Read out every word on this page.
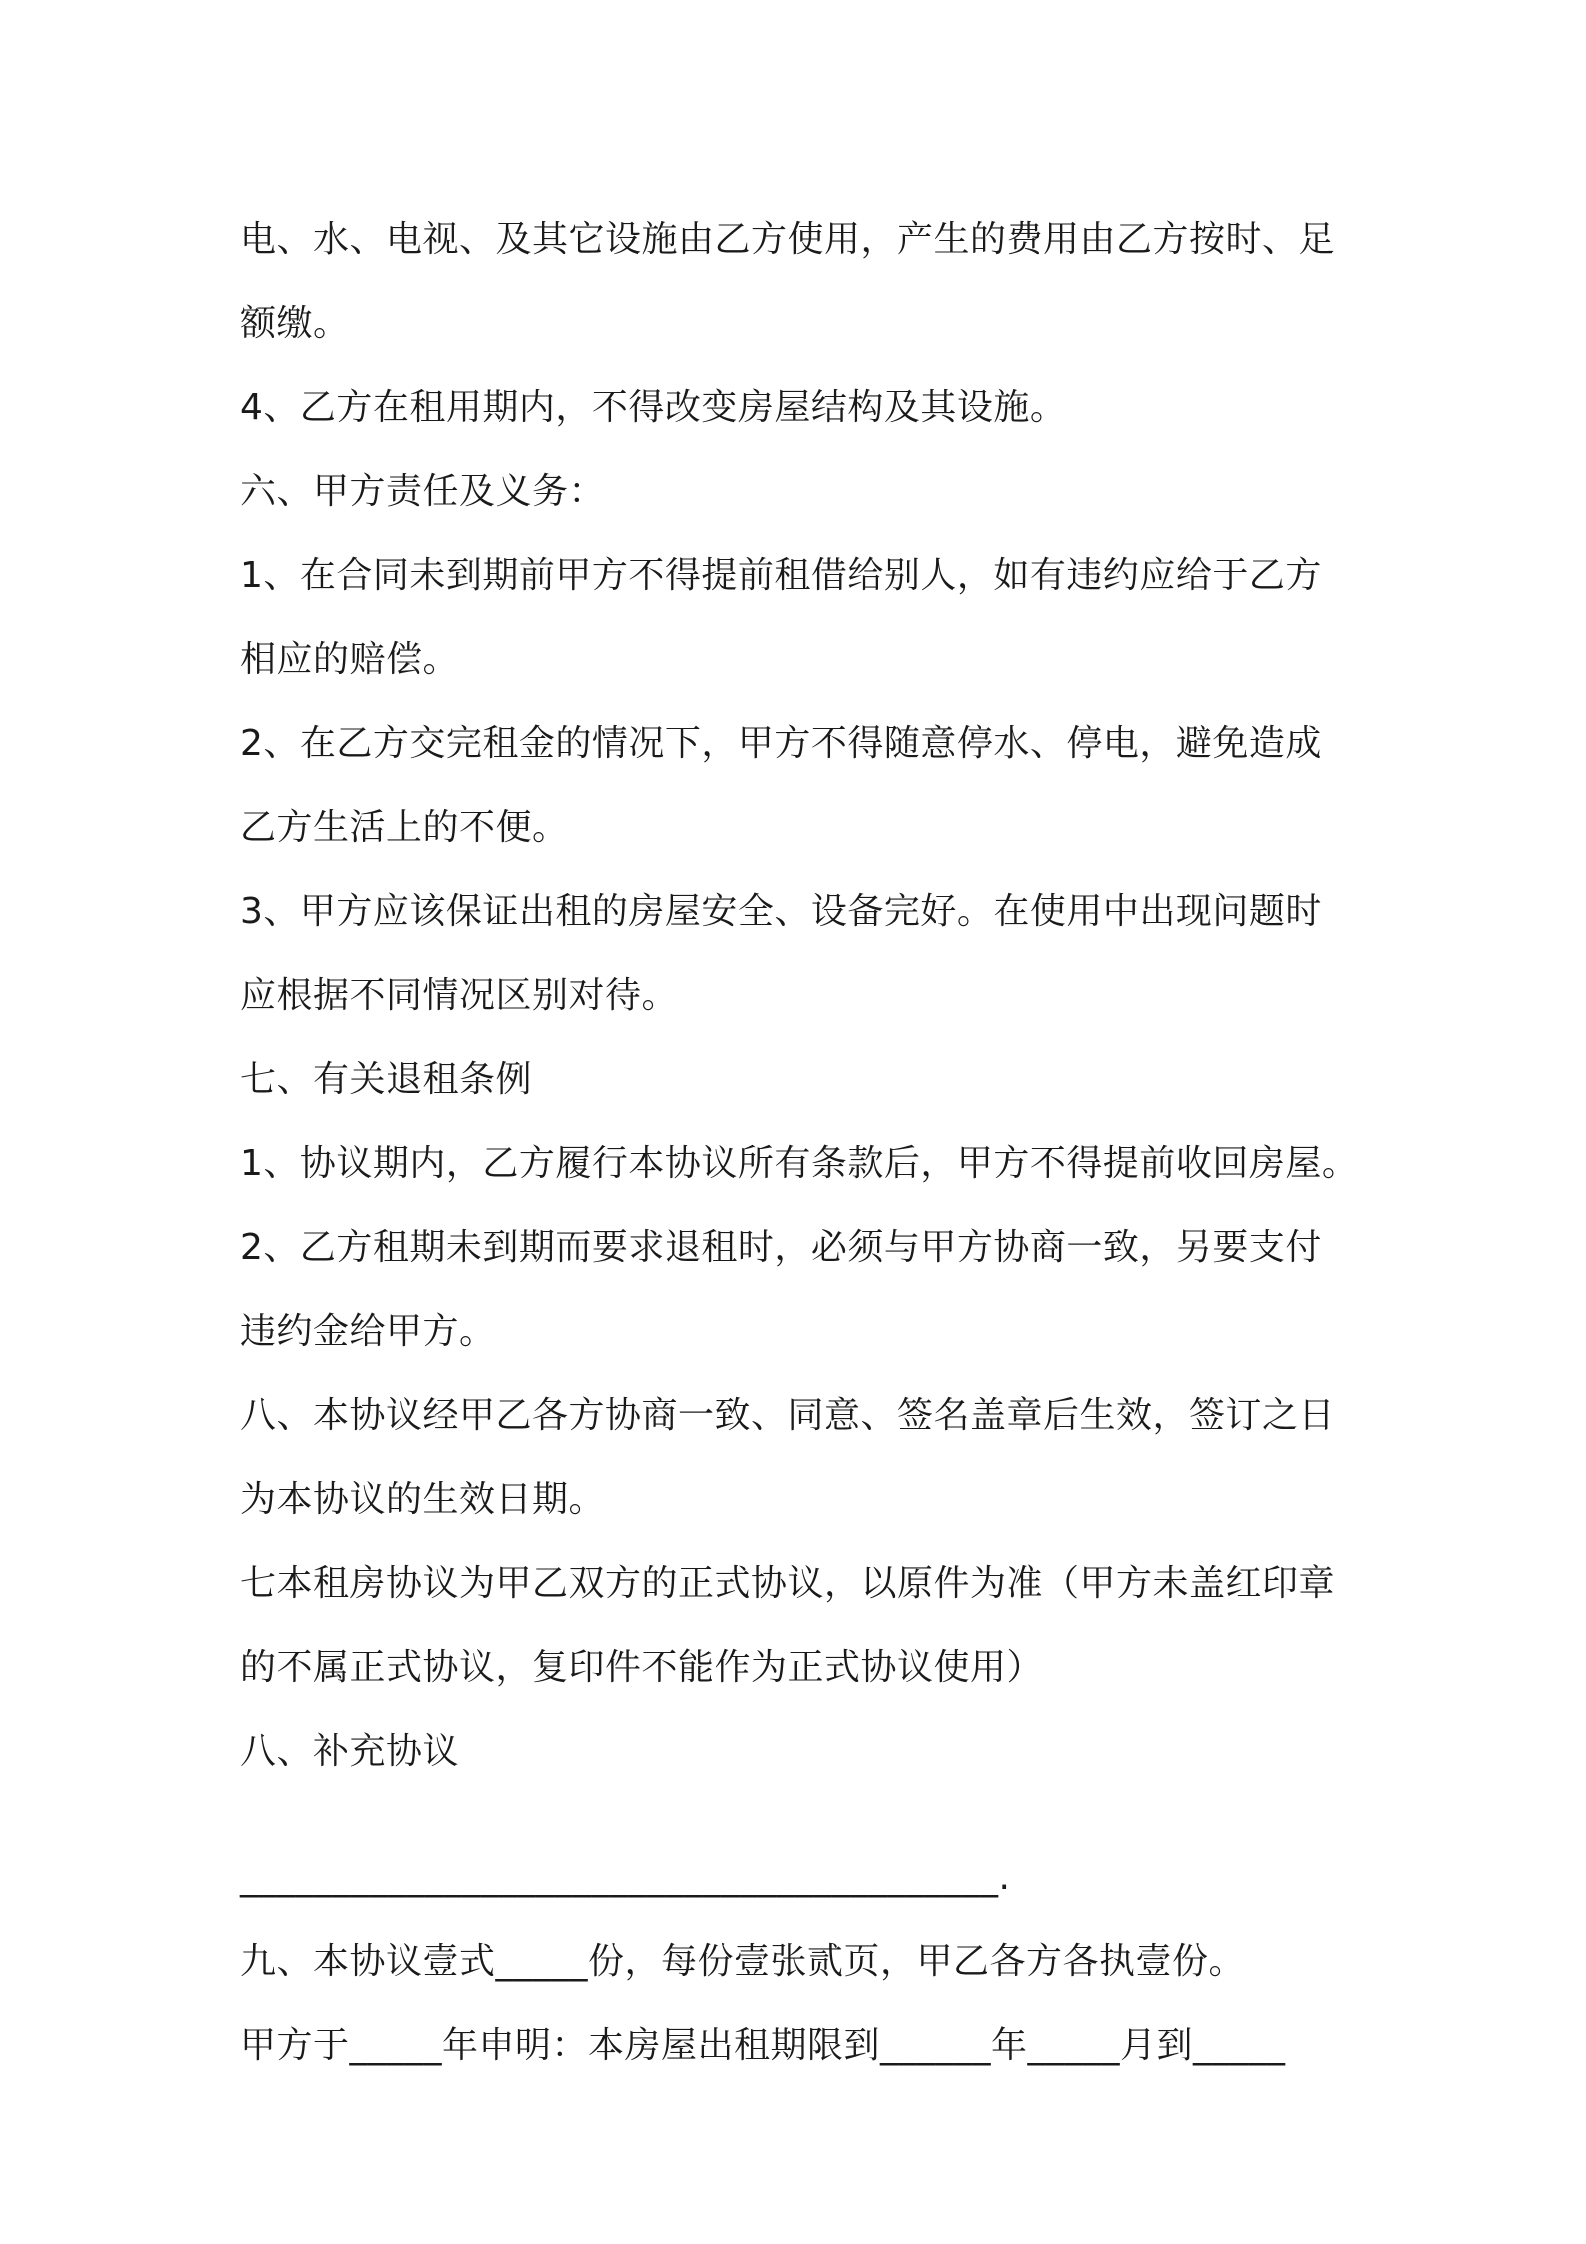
电、水、电视、及其它设施由乙方使用，产生的费用由乙方按时、足
额缴。
4、乙方在租用期内，不得改变房屋结构及其设施。
六、甲方责任及义务：
1、在合同未到期前甲方不得提前租借给别人，如有违约应给于乙方
相应的赔偿。
2、在乙方交完租金的情况下，甲方不得随意停水、停电，避免造成
乙方生活上的不便。
3、甲方应该保证出租的房屋安全、设备完好。在使用中出现问题时
应根据不同情况区别对待。
七、有关退租条例
1、协议期内，乙方履行本协议所有条款后，甲方不得提前收回房屋。
2、乙方租期未到期而要求退租时，必须与甲方协商一致，另要支付
违约金给甲方。
八、本协议经甲乙各方协商一致、同意、签名盖章后生效，签订之日
为本协议的生效日期。
七本租房协议为甲乙双方的正式协议，以原件为准（甲方未盖红印章
的不属正式协议，复印件不能作为正式协议使用）
八、补充协议
_________________________________________.
九、本协议壹式_____份，每份壹张贰页，甲乙各方各执壹份。
甲方于_____年申明：本房屋出租期限到______年_____月到_____
